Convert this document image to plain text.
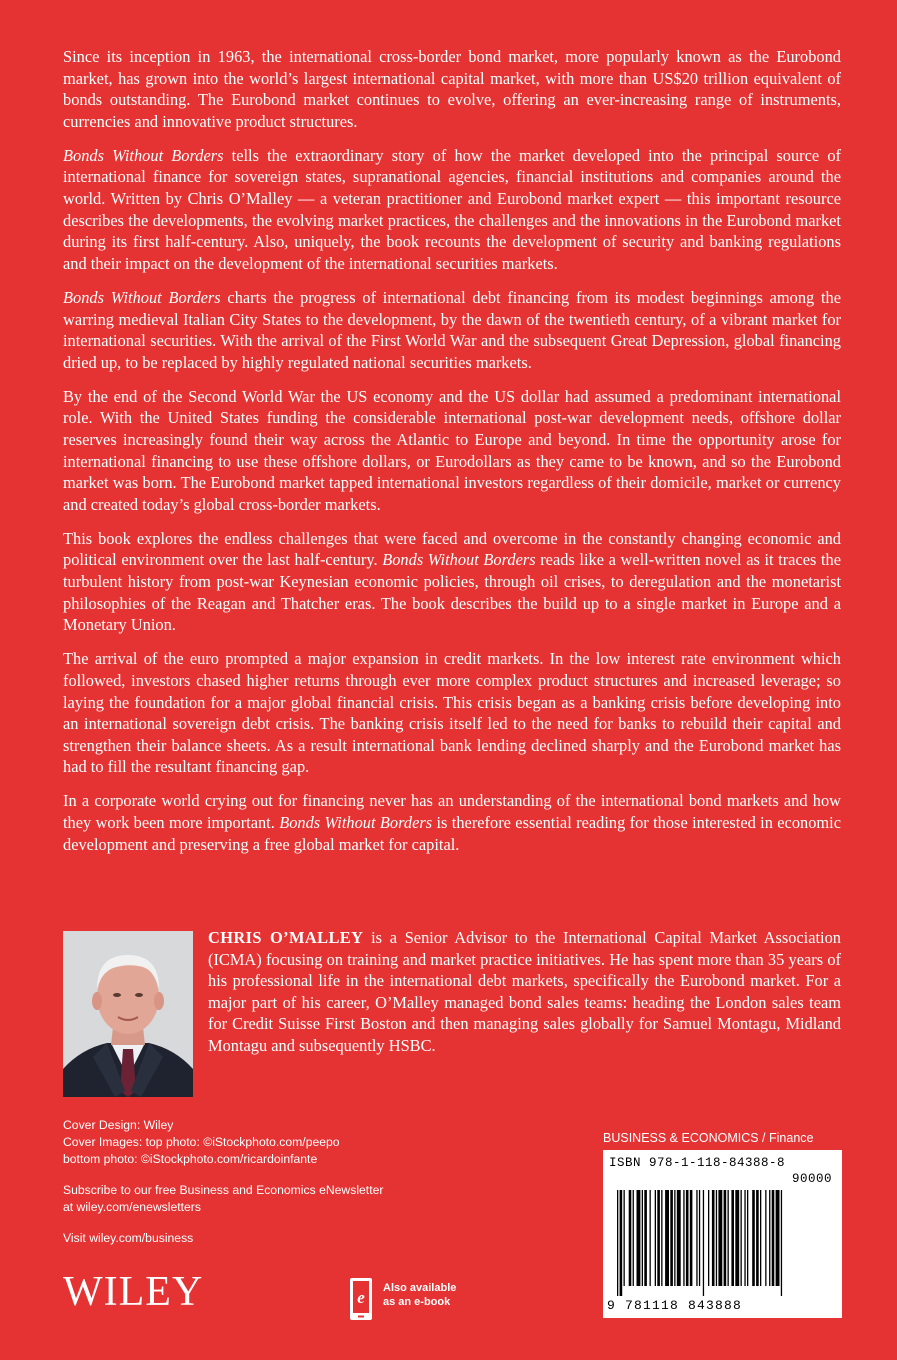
Since its inception in 1963, the international cross-border bond market, more popularly known as the Eurobond market, has grown into the world’s largest international capital market, with more than US$20 trillion equivalent of bonds outstanding. The Eurobond market continues to evolve, offering an ever-increasing range of instruments, currencies and innovative product structures.

Bonds Without Borders tells the extraordinary story of how the market developed into the principal source of international finance for sovereign states, supranational agencies, financial institutions and companies around the world. Written by Chris O’Malley — a veteran practitioner and Eurobond market expert — this important resource describes the developments, the evolving market practices, the challenges and the innovations in the Eurobond market during its first half-century. Also, uniquely, the book recounts the development of security and banking regulations and their impact on the development of the international securities markets.

Bonds Without Borders charts the progress of international debt financing from its modest beginnings among the warring medieval Italian City States to the development, by the dawn of the twentieth century, of a vibrant market for international securities. With the arrival of the First World War and the subsequent Great Depression, global financing dried up, to be replaced by highly regulated national securities markets.

By the end of the Second World War the US economy and the US dollar had assumed a predominant international role. With the United States funding the considerable international post-war development needs, offshore dollar reserves increasingly found their way across the Atlantic to Europe and beyond. In time the opportunity arose for international financing to use these offshore dollars, or Eurodollars as they came to be known, and so the Eurobond market was born. The Eurobond market tapped international investors regardless of their domicile, market or currency and created today’s global cross-border markets.

This book explores the endless challenges that were faced and overcome in the constantly changing economic and political environment over the last half-century. Bonds Without Borders reads like a well-written novel as it traces the turbulent history from post-war Keynesian economic policies, through oil crises, to deregulation and the monetarist philosophies of the Reagan and Thatcher eras. The book describes the build up to a single market in Europe and a Monetary Union.

The arrival of the euro prompted a major expansion in credit markets. In the low interest rate environment which followed, investors chased higher returns through ever more complex product structures and increased leverage; so laying the foundation for a major global financial crisis. This crisis began as a banking crisis before developing into an international sovereign debt crisis. The banking crisis itself led to the need for banks to rebuild their capital and strengthen their balance sheets. As a result international bank lending declined sharply and the Eurobond market has had to fill the resultant financing gap.

In a corporate world crying out for financing never has an understanding of the international bond markets and how they work been more important. Bonds Without Borders is therefore essential reading for those interested in economic development and preserving a free global market for capital.

CHRIS O’MALLEY is a Senior Advisor to the International Capital Market Association (ICMA) focusing on training and market practice initiatives. He has spent more than 35 years of his professional life in the international debt markets, specifically the Eurobond market. For a major part of his career, O’Malley managed bond sales teams: heading the London sales team for Credit Suisse First Boston and then managing sales globally for Samuel Montagu, Midland Montagu and subsequently HSBC.

Cover Design: Wiley
Cover Images: top photo: ©iStockphoto.com/peepo
bottom photo: ©iStockphoto.com/ricardoinfante
Subscribe to our free Business and Economics eNewsletter
at wiley.com/enewsletters
Visit wiley.com/business
WILEY	e Also available
as an e-book
BUSINESS & ECONOMICS / Finance
ISBN 978-1-118-84388-8
90000
9 781118 843888
